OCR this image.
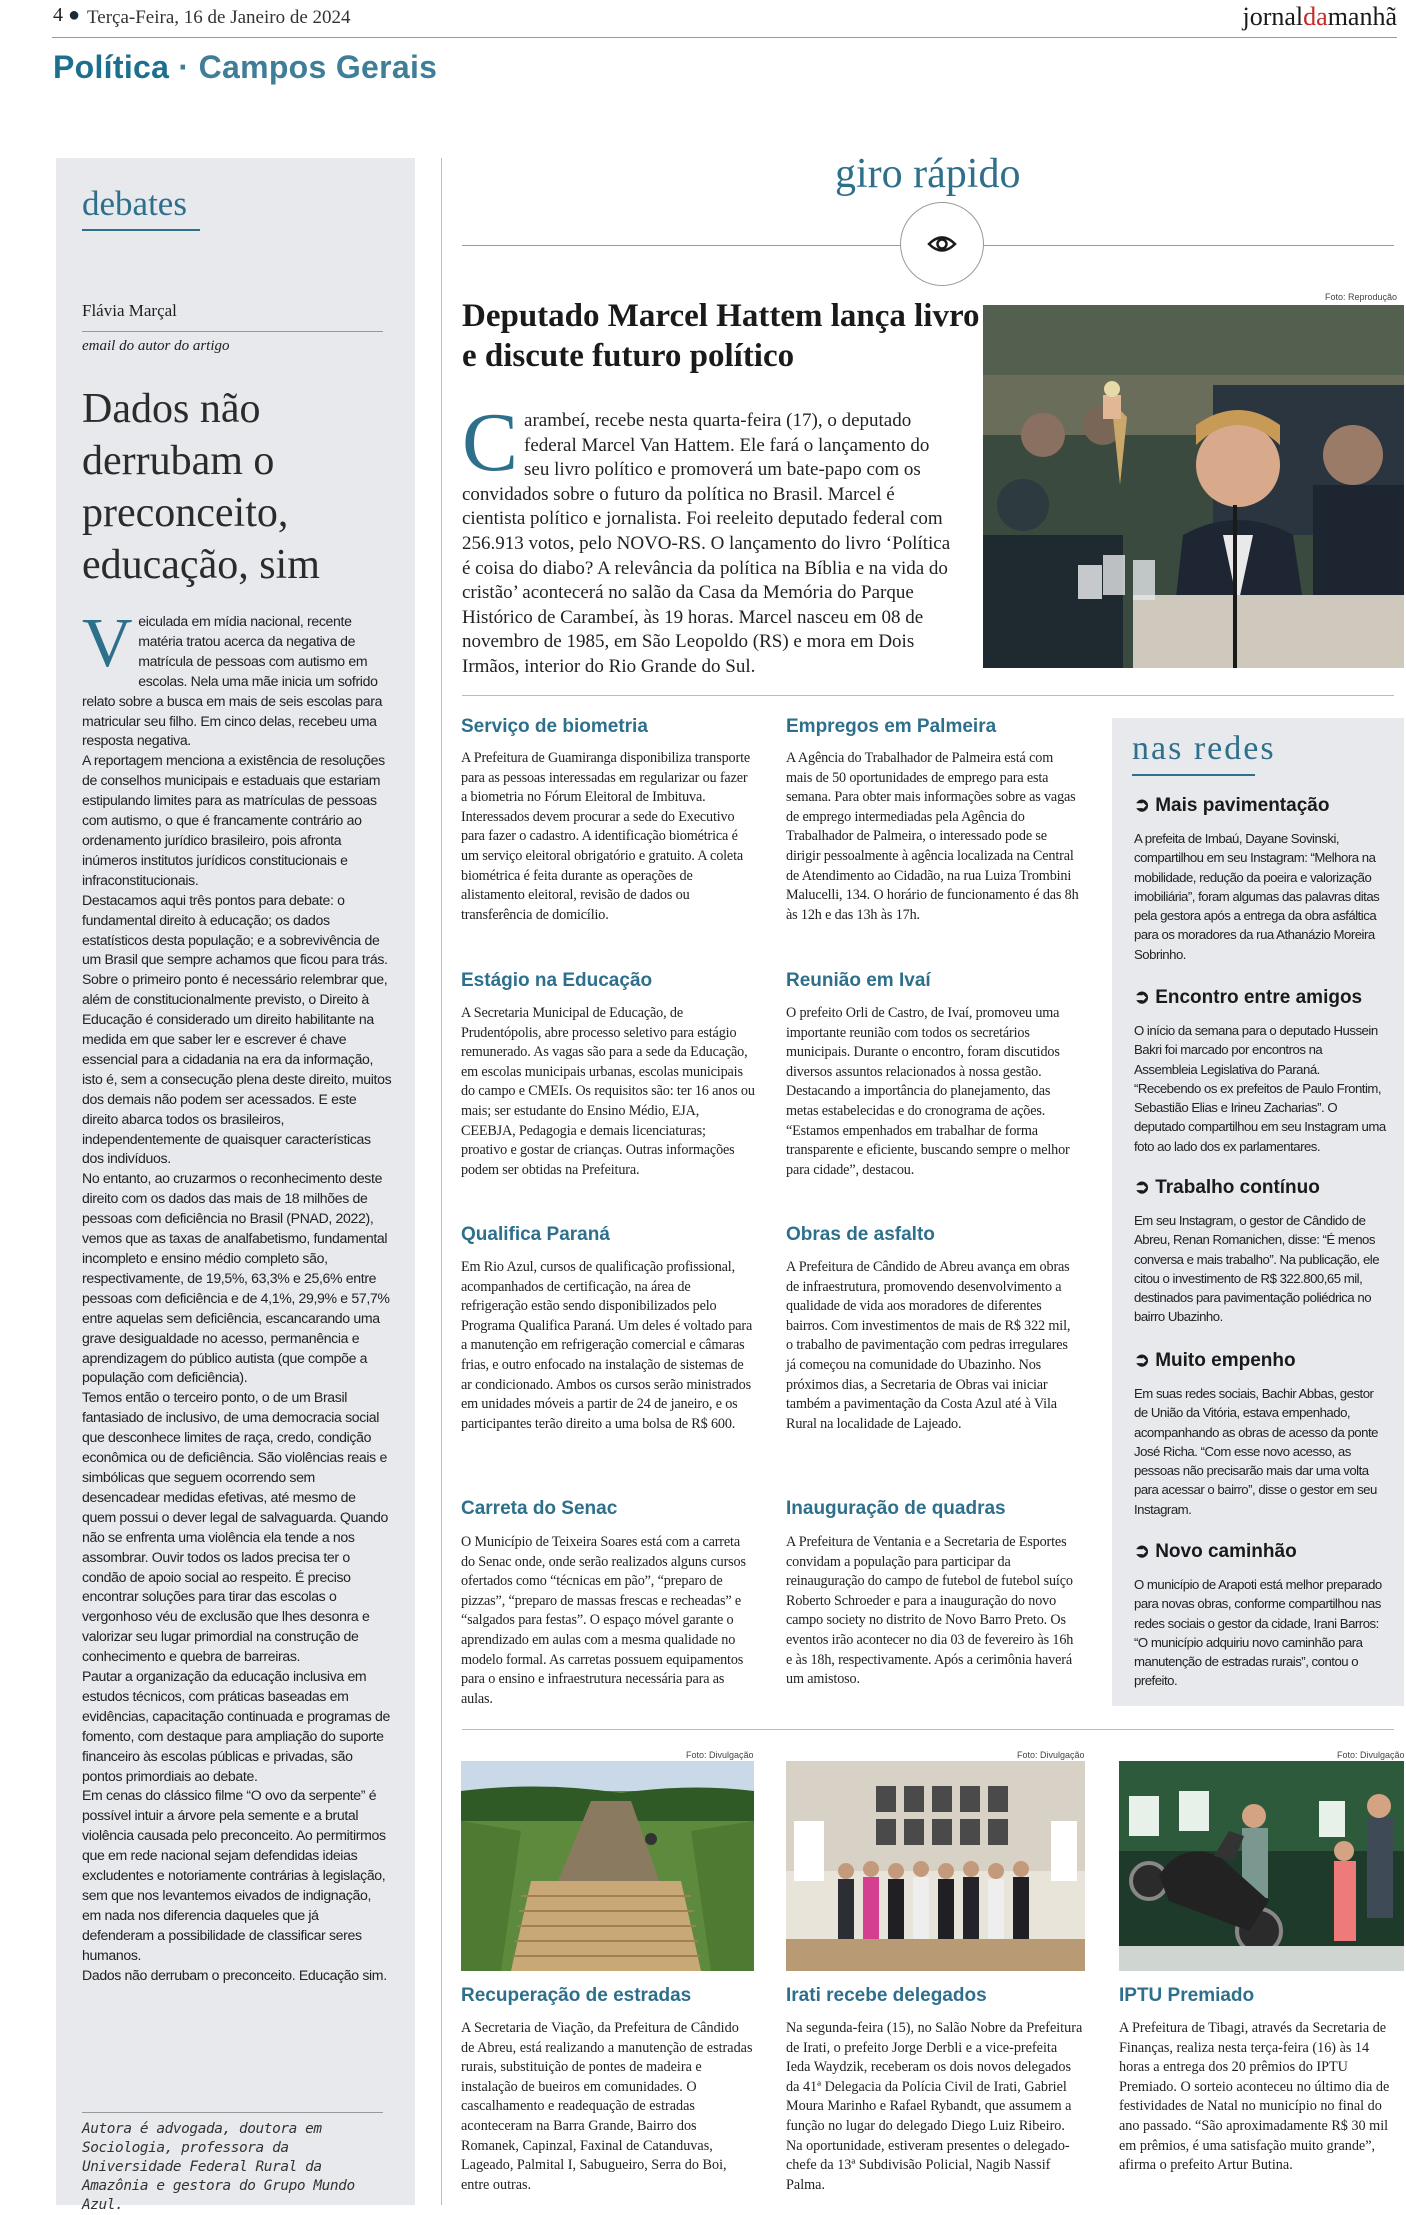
4 ● Terça-Feira, 16 de Janeiro de 2024	jornaldamanhã
Política · Campos Gerais
debates
Flávia Marçal
email do autor do artigo
Dados não derrubam o preconceito, educação, sim

Veiculada em mídia nacional, recente matéria tratou acerca da negativa de matrícula de pessoas com autismo em escolas. Nela uma mãe inicia um sofrido relato sobre a busca em mais de seis escolas para matricular seu filho. Em cinco delas, recebeu uma resposta negativa.

A reportagem menciona a existência de resoluções de conselhos municipais e estaduais que estariam estipulando limites para as matrículas de pessoas com autismo, o que é francamente contrário ao ordenamento jurídico brasileiro, pois afronta inúmeros institutos jurídicos constitucionais e infraconstitucionais.

Destacamos aqui três pontos para debate: o fundamental direito à educação; os dados estatísticos desta população; e a sobrevivência de um Brasil que sempre achamos que ficou para trás.

Sobre o primeiro ponto é necessário relembrar que, além de constitucionalmente previsto, o Direito à Educação é considerado um direito habilitante na medida em que saber ler e escrever é chave essencial para a cidadania na era da informação, isto é, sem a consecução plena deste direito, muitos dos demais não podem ser acessados. E este direito abarca todos os brasileiros, independentemente de quaisquer características dos indivíduos.

No entanto, ao cruzarmos o reconhecimento deste direito com os dados das mais de 18 milhões de pessoas com deficiência no Brasil (PNAD, 2022), vemos que as taxas de analfabetismo, fundamental incompleto e ensino médio completo são, respectivamente, de 19,5%, 63,3% e 25,6% entre pessoas com deficiência e de 4,1%, 29,9% e 57,7% entre aquelas sem deficiência, escancarando uma grave desigualdade no acesso, permanência e aprendizagem do público autista (que compõe a população com deficiência).

Temos então o terceiro ponto, o de um Brasil fantasiado de inclusivo, de uma democracia social que desconhece limites de raça, credo, condição econômica ou de deficiência. São violências reais e simbólicas que seguem ocorrendo sem desencadear medidas efetivas, até mesmo de quem possui o dever legal de salvaguarda. Quando não se enfrenta uma violência ela tende a nos assombrar. Ouvir todos os lados precisa ter o condão de apoio social ao respeito. É preciso encontrar soluções para tirar das escolas o vergonhoso véu de exclusão que lhes desonra e valorizar seu lugar primordial na construção de conhecimento e quebra de barreiras.

Pautar a organização da educação inclusiva em estudos técnicos, com práticas baseadas em evidências, capacitação continuada e programas de fomento, com destaque para ampliação do suporte financeiro às escolas públicas e privadas, são pontos primordiais ao debate.

Em cenas do clássico filme “O ovo da serpente” é possível intuir a árvore pela semente e a brutal violência causada pelo preconceito. Ao permitirmos que em rede nacional sejam defendidas ideias excludentes e notoriamente contrárias à legislação, sem que nos levantemos eivados de indignação, em nada nos diferencia daqueles que já defenderam a possibilidade de classificar seres humanos.

Dados não derrubam o preconceito. Educação sim.

Autora é advogada, doutora em Sociologia, professora da Universidade Federal Rural da Amazônia e gestora do Grupo Mundo Azul.
giro rápido
Deputado Marcel Hattem lança livro e discute futuro político
Carambeí, recebe nesta quarta-feira (17), o deputado federal Marcel Van Hattem. Ele fará o lançamento do seu livro político e promoverá um bate-papo com os convidados sobre o futuro da política no Brasil. Marcel é cientista político e jornalista. Foi reeleito deputado federal com 256.913 votos, pelo NOVO-RS. O lançamento do livro ‘Política é coisa do diabo? A relevância da política na Bíblia e na vida do cristão’ acontecerá no salão da Casa da Memória do Parque Histórico de Carambeí, às 19 horas. Marcel nasceu em 08 de novembro de 1985, em São Leopoldo (RS) e mora em Dois Irmãos, interior do Rio Grande do Sul.
Foto: Reprodução
Serviço de biometria
A Prefeitura de Guamiranga disponibiliza transporte para as pessoas interessadas em regularizar ou fazer a biometria no Fórum Eleitoral de Imbituva. Interessados devem procurar a sede do Executivo para fazer o cadastro. A identificação biométrica é um serviço eleitoral obrigatório e gratuito. A coleta biométrica é feita durante as operações de alistamento eleitoral, revisão de dados ou transferência de domicílio.
Estágio na Educação
A Secretaria Municipal de Educação, de Prudentópolis, abre processo seletivo para estágio remunerado. As vagas são para a sede da Educação, em escolas municipais urbanas, escolas municipais do campo e CMEIs. Os requisitos são: ter 16 anos ou mais; ser estudante do Ensino Médio, EJA, CEEBJA, Pedagogia e demais licenciaturas; proativo e gostar de crianças. Outras informações podem ser obtidas na Prefeitura.
Qualifica Paraná
Em Rio Azul, cursos de qualificação profissional, acompanhados de certificação, na área de refrigeração estão sendo disponibilizados pelo Programa Qualifica Paraná. Um deles é voltado para a manutenção em refrigeração comercial e câmaras frias, e outro enfocado na instalação de sistemas de ar condicionado. Ambos os cursos serão ministrados em unidades móveis a partir de 24 de janeiro, e os participantes terão direito a uma bolsa de R$ 600.
Carreta do Senac
O Município de Teixeira Soares está com a carreta do Senac onde, onde serão realizados alguns cursos ofertados como “técnicas em pão”, “preparo de pizzas”, “preparo de massas frescas e recheadas” e “salgados para festas”. O espaço móvel garante o aprendizado em aulas com a mesma qualidade no modelo formal. As carretas possuem equipamentos para o ensino e infraestrutura necessária para as aulas.
Empregos em Palmeira
A Agência do Trabalhador de Palmeira está com mais de 50 oportunidades de emprego para esta semana. Para obter mais informações sobre as vagas de emprego intermediadas pela Agência do Trabalhador de Palmeira, o interessado pode se dirigir pessoalmente à agência localizada na Central de Atendimento ao Cidadão, na rua Luiza Trombini Malucelli, 134. O horário de funcionamento é das 8h às 12h e das 13h às 17h.
Reunião em Ivaí
O prefeito Orli de Castro, de Ivaí, promoveu uma importante reunião com todos os secretários municipais. Durante o encontro, foram discutidos diversos assuntos relacionados à nossa gestão. Destacando a importância do planejamento, das metas estabelecidas e do cronograma de ações. “Estamos empenhados em trabalhar de forma transparente e eficiente, buscando sempre o melhor para cidade”, destacou.
Obras de asfalto
A Prefeitura de Cândido de Abreu avança em obras de infraestrutura, promovendo desenvolvimento a qualidade de vida aos moradores de diferentes bairros. Com investimentos de mais de R$ 322 mil, o trabalho de pavimentação com pedras irregulares já começou na comunidade do Ubazinho. Nos próximos dias, a Secretaria de Obras vai iniciar também a pavimentação da Costa Azul até à Vila Rural na localidade de Lajeado.
Inauguração de quadras
A Prefeitura de Ventania e a Secretaria de Esportes convidam a população para participar da reinauguração do campo de futebol de futebol suíço Roberto Schroeder e para a inauguração do novo campo society no distrito de Novo Barro Preto. Os eventos irão acontecer no dia 03 de fevereiro às 16h e às 18h, respectivamente. Após a cerimônia haverá um amistoso.
nas redes
➲ Mais pavimentação
A prefeita de Imbaú, Dayane Sovinski, compartilhou em seu Instagram: “Melhora na mobilidade, redução da poeira e valorização imobiliária”, foram algumas das palavras ditas pela gestora após a entrega da obra asfáltica para os moradores da rua Athanázio Moreira Sobrinho.
➲ Encontro entre amigos
O início da semana para o deputado Hussein Bakri foi marcado por encontros na Assembleia Legislativa do Paraná. “Recebendo os ex prefeitos de Paulo Frontim, Sebastião Elias e Irineu Zacharias”. O deputado compartilhou em seu Instagram uma foto ao lado dos ex parlamentares.
➲ Trabalho contínuo
Em seu Instagram, o gestor de Cândido de Abreu, Renan Romanichen, disse: “É menos conversa e mais trabalho”. Na publicação, ele citou o investimento de R$ 322.800,65 mil, destinados para pavimentação poliédrica no bairro Ubazinho.
➲ Muito empenho
Em suas redes sociais, Bachir Abbas, gestor de União da Vitória, estava empenhado, acompanhando as obras de acesso da ponte José Richa. “Com esse novo acesso, as pessoas não precisarão mais dar uma volta para acessar o bairro”, disse o gestor em seu Instagram.
➲ Novo caminhão
O município de Arapoti está melhor preparado para novas obras, conforme compartilhou nas redes sociais o gestor da cidade, Irani Barros: “O município adquiriu novo caminhão para manutenção de estradas rurais”, contou o prefeito.
Foto: Divulgação
Recuperação de estradas
A Secretaria de Viação, da Prefeitura de Cândido de Abreu, está realizando a manutenção de estradas rurais, substituição de pontes de madeira e instalação de bueiros em comunidades. O cascalhamento e readequação de estradas aconteceram na Barra Grande, Bairro dos Romanek, Capinzal, Faxinal de Catanduvas, Lageado, Palmital I, Sabugueiro, Serra do Boi, entre outras.
Foto: Divulgação
Irati recebe delegados
Na segunda-feira (15), no Salão Nobre da Prefeitura de Irati, o prefeito Jorge Derbli e a vice-prefeita Ieda Waydzik, receberam os dois novos delegados da 41ª Delegacia da Polícia Civil de Irati, Gabriel Moura Marinho e Rafael Rybandt, que assumem a função no lugar do delegado Diego Luiz Ribeiro. Na oportunidade, estiveram presentes o delegado-chefe da 13ª Subdivisão Policial, Nagib Nassif Palma.
Foto: Divulgação
IPTU Premiado
A Prefeitura de Tibagi, através da Secretaria de Finanças, realiza nesta terça-feira (16) às 14 horas a entrega dos 20 prêmios do IPTU Premiado. O sorteio aconteceu no último dia de festividades de Natal no município no final do ano passado. “São aproximadamente R$ 30 mil em prêmios, é uma satisfação muito grande”, afirma o prefeito Artur Butina.
